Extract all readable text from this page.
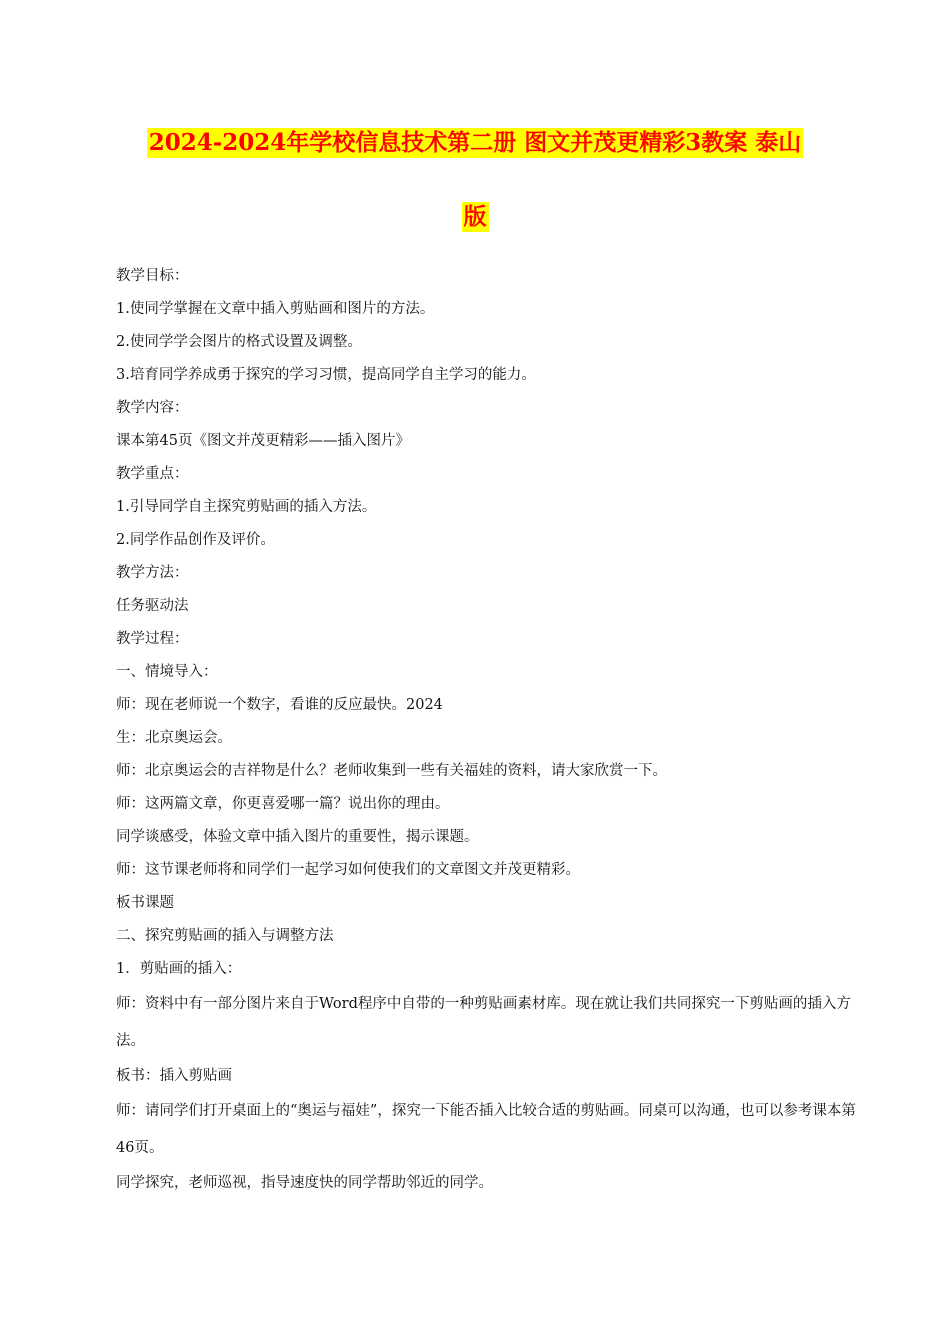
2024-2024年学校信息技术第二册 图文并茂更精彩3教案 泰山
版

教学目标：

1.使同学掌握在文章中插入剪贴画和图片的方法。

2.使同学学会图片的格式设置及调整。

3.培育同学养成勇于探究的学习习惯，提高同学自主学习的能力。

教学内容：

课本第45页《图文并茂更精彩——插入图片》

教学重点：

1.引导同学自主探究剪贴画的插入方法。

2.同学作品创作及评价。

教学方法：

任务驱动法

教学过程：

一、情境导入：

师：现在老师说一个数字，看谁的反应最快。2024

生：北京奥运会。

师：北京奥运会的吉祥物是什么？老师收集到一些有关福娃的资料，请大家欣赏一下。

师：这两篇文章，你更喜爱哪一篇？说出你的理由。

同学谈感受，体验文章中插入图片的重要性，揭示课题。

师：这节课老师将和同学们一起学习如何使我们的文章图文并茂更精彩。

板书课题

二、探究剪贴画的插入与调整方法

1．剪贴画的插入：

师：资料中有一部分图片来自于Word程序中自带的一种剪贴画素材库。现在就让我们共同探究一下剪贴画的插入方法。

板书：插入剪贴画

师：请同学们打开桌面上的“奥运与福娃”，探究一下能否插入比较合适的剪贴画。同桌可以沟通，也可以参考课本第46页。

同学探究，老师巡视，指导速度快的同学帮助邻近的同学。
